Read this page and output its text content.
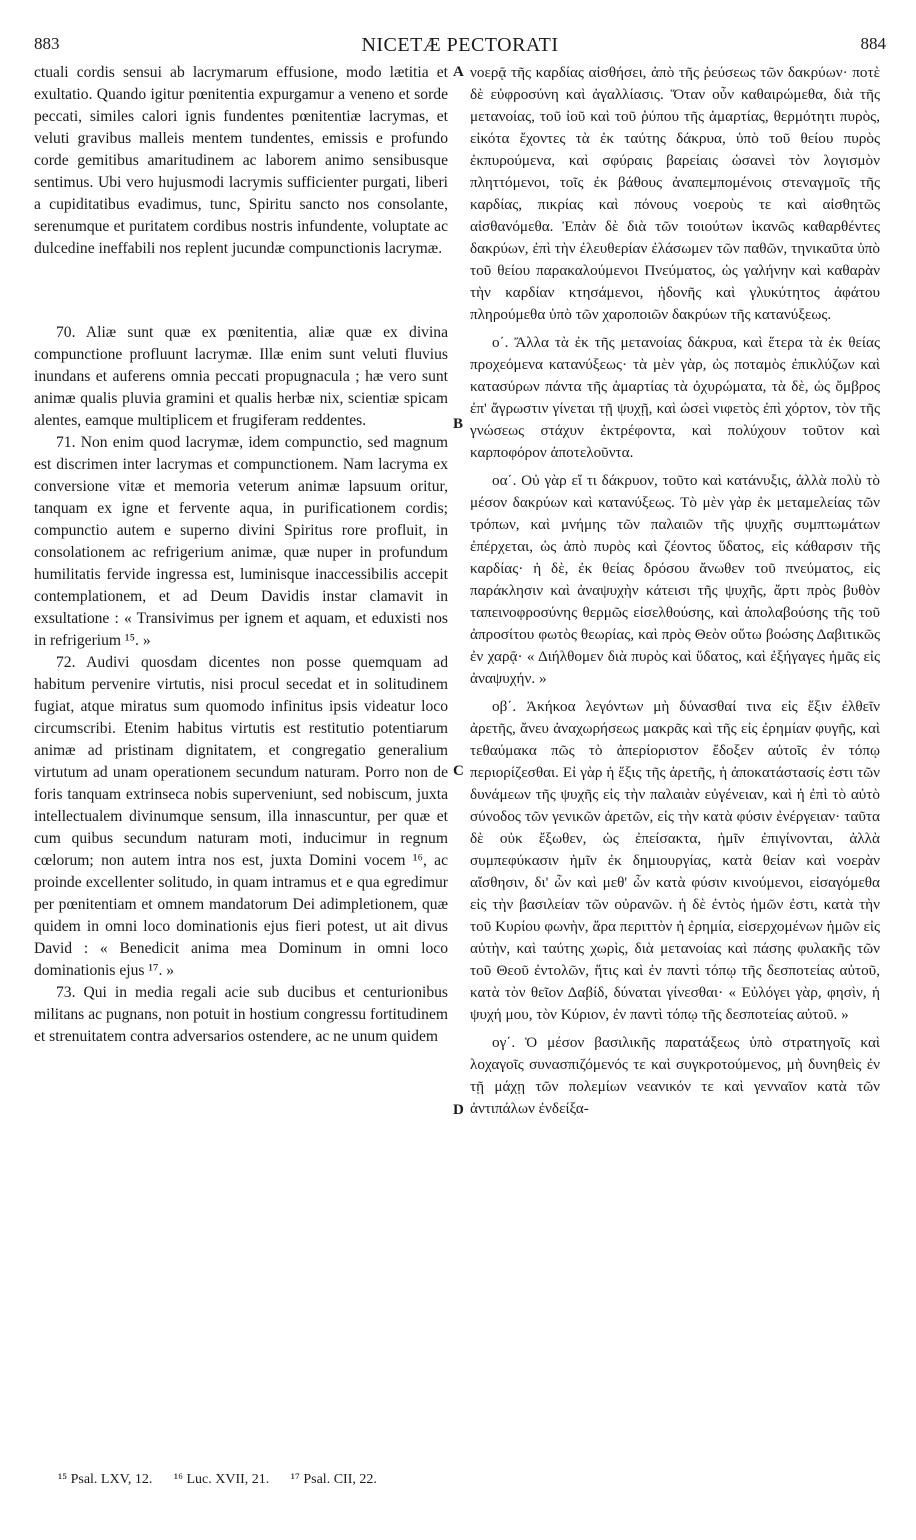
883	NICETÆ PECTORATI	884

ctuali cordis sensui ab lacrymarum effusione, modo lætitia et exultatio. Quando igitur pœnitentia expurgamur a veneno et sorde peccati, similes calori ignis fundentes pœnitentiæ lacrymas, et veluti gravibus malleis mentem tundentes, emissis e profundo corde gemitibus amaritudinem ac laborem animo sensibusque sentimus. Ubi vero hujusmodi lacrymis sufficienter purgati, liberi a cupiditatibus evadimus, tunc, Spiritu sancto nos consolante, serenumque et puritatem cordibus nostris infundente, voluptate ac dulcedine ineffabili nos replent jucundæ compunctionis lacrymæ.

70. Aliæ sunt quæ ex pœnitentia, aliæ quæ ex divina compunctione profluunt lacrymæ. Illæ enim sunt veluti fluvius inundans et auferens omnia peccati propugnacula ; hæ vero sunt animæ qualis pluvia gramini et qualis herbæ nix, scientiæ spicam alentes, eamque multiplicem et frugiferam reddentes.

71. Non enim quod lacrymæ, idem compunctio, sed magnum est discrimen inter lacrymas et compunctionem. Nam lacryma ex conversione vitæ et memoria veterum animæ lapsuum oritur, tanquam ex igne et fervente aqua, in purificationem cordis; compunctio autem e superno divini Spiritus rore profluit, in consolationem ac refrigerium animæ, quæ nuper in profundum humilitatis fervide ingressa est, luminisque inaccessibilis accepit contemplationem, et ad Deum Davidis instar clamavit in exsultatione : « Transivimus per ignem et aquam, et eduxisti nos in refrigerium ¹⁵. »

72. Audivi quosdam dicentes non posse quemquam ad habitum pervenire virtutis, nisi procul secedat et in solitudinem fugiat, atque miratus sum quomodo infinitus ipsis videatur loco circumscribi. Etenim habitus virtutis est restitutio potentiarum animæ ad pristinam dignitatem, et congregatio generalium virtutum ad unam operationem secundum naturam. Porro non de foris tanquam extrinseca nobis superveniunt, sed nobiscum, juxta intellectualem divinumque sensum, illa innascuntur, per quæ et cum quibus secundum naturam moti, inducimur in regnum cœlorum; non autem intra nos est, juxta Domini vocem ¹⁶, ac proinde excellenter solitudo, in quam intramus et e qua egredimur per pœnitentiam et omnem mandatorum Dei adimpletionem, quæ quidem in omni loco dominationis ejus fieri potest, ut ait divus David : « Benedicit anima mea Dominum in omni loco dominationis ejus ¹⁷. »

73. Qui in media regali acie sub ducibus et centurionibus militans ac pugnans, non potuit in hostium congressu fortitudinem et strenuitatem contra adversarios ostendere, ac ne unum quidem

νοερᾷ τῆς καρδίας αἰσθήσει, ἀπὸ τῆς ῥεύσεως τῶν δακρύων· ποτὲ δὲ εὐφροσύνη καὶ ἀγαλλίασις. Ὅταν οὖν καθαιρώμεθα, διὰ τῆς μετανοίας, τοῦ ἰοῦ καὶ τοῦ ῥύπου τῆς ἁμαρτίας, θερμότητι πυρὸς, εἰκότα ἔχοντες τὰ ἐκ ταύτης δάκρυα, ὑπὸ τοῦ θείου πυρὸς ἐκπυρούμενα, καὶ σφύραις βαρείαις ὡσανεὶ τὸν λογισμὸν πληττόμενοι, τοῖς ἐκ βάθους ἀναπεμπομένοις στεναγμοῖς τῆς καρδίας, πικρίας καὶ πόνους νοεροὺς τε καὶ αἰσθητῶς αἰσθανόμεθα. Ἐπὰν δὲ διὰ τῶν τοιούτων ἱκανῶς καθαρθέντες δακρύων, ἐπὶ τὴν ἐλευθερίαν ἐλάσωμεν τῶν παθῶν, τηνικαῦτα ὑπὸ τοῦ θείου παρακαλούμενοι Πνεύματος, ὡς γαλήνην καὶ καθαρὰν τὴν καρδίαν κτησάμενοι, ἡδονῆς καὶ γλυκύτητος ἀφάτου πληρούμεθα ὑπὸ τῶν χαροποιῶν δακρύων τῆς κατανύξεως.

ο΄. Ἄλλα τὰ ἐκ τῆς μετανοίας δάκρυα, καὶ ἕτερα τὰ ἐκ θείας προχεόμενα κατανύξεως· τὰ μὲν γὰρ, ὡς ποταμὸς ἐπικλύζων καὶ κατασύρων πάντα τῆς ἁμαρτίας τὰ ὀχυρώματα, τὰ δὲ, ὡς ὄμβρος ἐπ' ἄγρωστιν γίνεται τῇ ψυχῇ, καὶ ὡσεὶ νιφετὸς ἐπὶ χόρτον, τὸν τῆς γνώσεως στάχυν ἐκτρέφοντα, καὶ πολύχουν τοῦτον καὶ καρποφόρον ἀποτελοῦντα.

οα΄. Οὐ γὰρ εἴ τι δάκρυον, τοῦτο καὶ κατάνυξις, ἀλλὰ πολὺ τὸ μέσον δακρύων καὶ κατανύξεως. Τὸ μὲν γὰρ ἐκ μεταμελείας τῶν τρόπων, καὶ μνήμης τῶν παλαιῶν τῆς ψυχῆς συμπτωμάτων ἐπέρχεται, ὡς ἀπὸ πυρὸς καὶ ζέοντος ὕδατος, εἰς κάθαρσιν τῆς καρδίας· ἡ δὲ, ἐκ θείας δρόσου ἄνωθεν τοῦ πνεύματος, εἰς παράκλησιν καὶ ἀναψυχὴν κάτεισι τῆς ψυχῆς, ἄρτι πρὸς βυθὸν ταπεινοφροσύνης θερμῶς εἰσελθούσης, καὶ ἀπολαβούσης τῆς τοῦ ἀπροσίτου φωτὸς θεωρίας, καὶ πρὸς Θεὸν οὕτω βοώσης Δαβιτικῶς ἐν χαρᾷ· « Διήλθομεν διὰ πυρὸς καὶ ὕδατος, καὶ ἐξήγαγες ἡμᾶς εἰς ἀναψυχήν. »

οβ΄. Ἀκήκοα λεγόντων μὴ δύνασθαί τινα εἰς ἕξιν ἐλθεῖν ἀρετῆς, ἄνευ ἀναχωρήσεως μακρᾶς καὶ τῆς εἰς ἐρημίαν φυγῆς, καὶ τεθαύμακα πῶς τὸ ἀπερίοριστον ἔδοξεν αὐτοῖς ἐν τόπῳ περιορίζεσθαι. Εἰ γὰρ ἡ ἕξις τῆς ἀρετῆς, ἡ ἀποκατάστασίς ἐστι τῶν δυνάμεων τῆς ψυχῆς εἰς τὴν παλαιὰν εὐγένειαν, καὶ ἡ ἐπὶ τὸ αὐτὸ σύνοδος τῶν γενικῶν ἀρετῶν, εἰς τὴν κατὰ φύσιν ἐνέργειαν· ταῦτα δὲ οὐκ ἔξωθεν, ὡς ἐπείσακτα, ἡμῖν ἐπιγίνονται, ἀλλὰ συμπεφύκασιν ἡμῖν ἐκ δημιουργίας, κατὰ θείαν καὶ νοερὰν αἴσθησιν, δι' ὧν καὶ μεθ' ὧν κατὰ φύσιν κινούμενοι, εἰσαγόμεθα εἰς τὴν βασιλείαν τῶν οὐρανῶν. ἡ δὲ ἐντὸς ἡμῶν ἐστι, κατὰ τὴν τοῦ Κυρίου φωνὴν, ἄρα περιττὸν ἡ ἐρημία, εἰσερχομένων ἡμῶν εἰς αὐτὴν, καὶ ταύτης χωρὶς, διὰ μετανοίας καὶ πάσης φυλακῆς τῶν τοῦ Θεοῦ ἐντολῶν, ἥτις καὶ ἐν παντὶ τόπῳ τῆς δεσποτείας αὐτοῦ, κατὰ τὸν θεῖον Δαβίδ, δύναται γίνεσθαι· « Εὐλόγει γὰρ, φησὶν, ἡ ψυχή μου, τὸν Κύριον, ἐν παντὶ τόπῳ τῆς δεσποτείας αὐτοῦ. »

ογ΄. Ὁ μέσον βασιλικῆς παρατάξεως ὑπὸ στρατηγοῖς καὶ λοχαγοῖς συνασπιζόμενός τε καὶ συγκροτούμενος, μὴ δυνηθεὶς ἐν τῇ μάχῃ τῶν πολεμίων νεανικόν τε καὶ γενναῖον κατὰ τῶν ἀντιπάλων ἐνδείξα-

A
B
C
D
¹⁵ Psal. LXV, 12. ¹⁶ Luc. XVII, 21. ¹⁷ Psal. CII, 22.
